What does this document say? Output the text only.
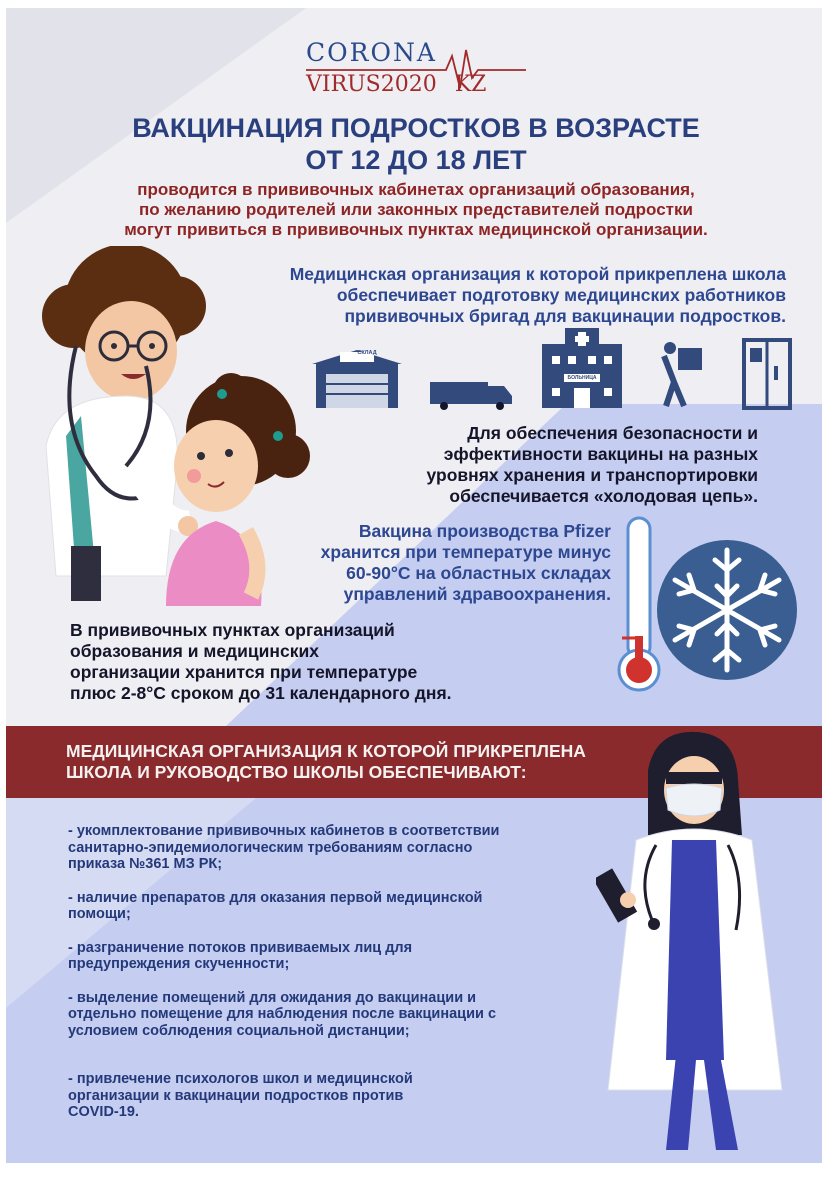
CORONA
VIRUS2020 KZ
ВАКЦИНАЦИЯ ПОДРОСТКОВ В ВОЗРАСТЕ
ОТ 12 ДО 18 ЛЕТ
проводится в прививочных кабинетах организаций образования,
по желанию родителей или законных представителей подростки
могут привиться в прививочных пунктах медицинской организации.
Медицинская организация к которой прикреплена школа
обеспечивает подготовку медицинских работников
прививочных бригад для вакцинации подростков.
СКЛАД
БОЛЬНИЦА
Для обеспечения безопасности и
эффективности вакцины на разных
уровнях хранения и транспортировки
обеспечивается «холодовая цепь».
Вакцина производства Pfizer
хранится при температуре минус
60-90°С на областных складах
управлений здравоохранения.
В прививочных пунктах организаций
образования и медицинских
организации хранится при температуре
плюс 2-8°С сроком до 31 календарного дня.
МЕДИЦИНСКАЯ ОРГАНИЗАЦИЯ К КОТОРОЙ ПРИКРЕПЛЕНА
ШКОЛА И РУКОВОДСТВО ШКОЛЫ ОБЕСПЕЧИВАЮТ:
- укомплектование прививочных кабинетов в соответствии
санитарно-эпидемиологическим требованиям согласно
приказа №361 МЗ РК;
- наличие препаратов для оказания первой медицинской
помощи;
- разграничение потоков прививаемых лиц для
предупреждения скученности;
- выделение помещений для ожидания до вакцинации и
отдельно помещение для наблюдения после вакцинации с
условием соблюдения социальной дистанции;
- привлечение психологов школ и медицинской
организации к вакцинации подростков против
COVID-19.
